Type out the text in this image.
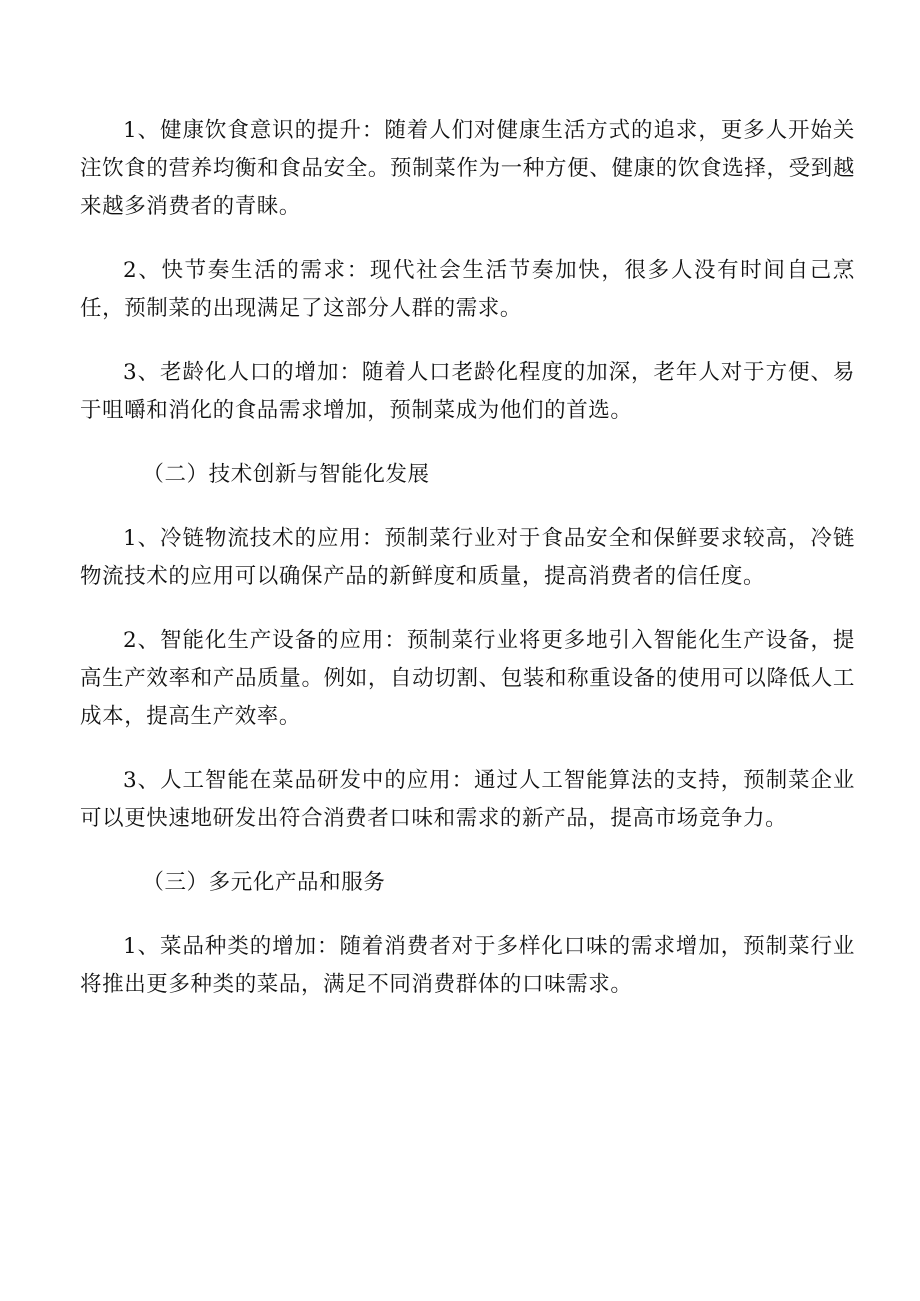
1、健康饮食意识的提升：随着人们对健康生活方式的追求，更多人开始关注饮食的营养均衡和食品安全。预制菜作为一种方便、健康的饮食选择，受到越来越多消费者的青睐。

2、快节奏生活的需求：现代社会生活节奏加快，很多人没有时间自己烹任，预制菜的出现满足了这部分人群的需求。

3、老龄化人口的增加：随着人口老龄化程度的加深，老年人对于方便、易于咀嚼和消化的食品需求增加，预制菜成为他们的首选。

（二）技术创新与智能化发展

1、冷链物流技术的应用：预制菜行业对于食品安全和保鲜要求较高，冷链物流技术的应用可以确保产品的新鲜度和质量，提高消费者的信任度。

2、智能化生产设备的应用：预制菜行业将更多地引入智能化生产设备，提高生产效率和产品质量。例如，自动切割、包装和称重设备的使用可以降低人工成本，提高生产效率。

3、人工智能在菜品研发中的应用：通过人工智能算法的支持，预制菜企业可以更快速地研发出符合消费者口味和需求的新产品，提高市场竞争力。

（三）多元化产品和服务

1、菜品种类的增加：随着消费者对于多样化口味的需求增加，预制菜行业将推出更多种类的菜品，满足不同消费群体的口味需求。
